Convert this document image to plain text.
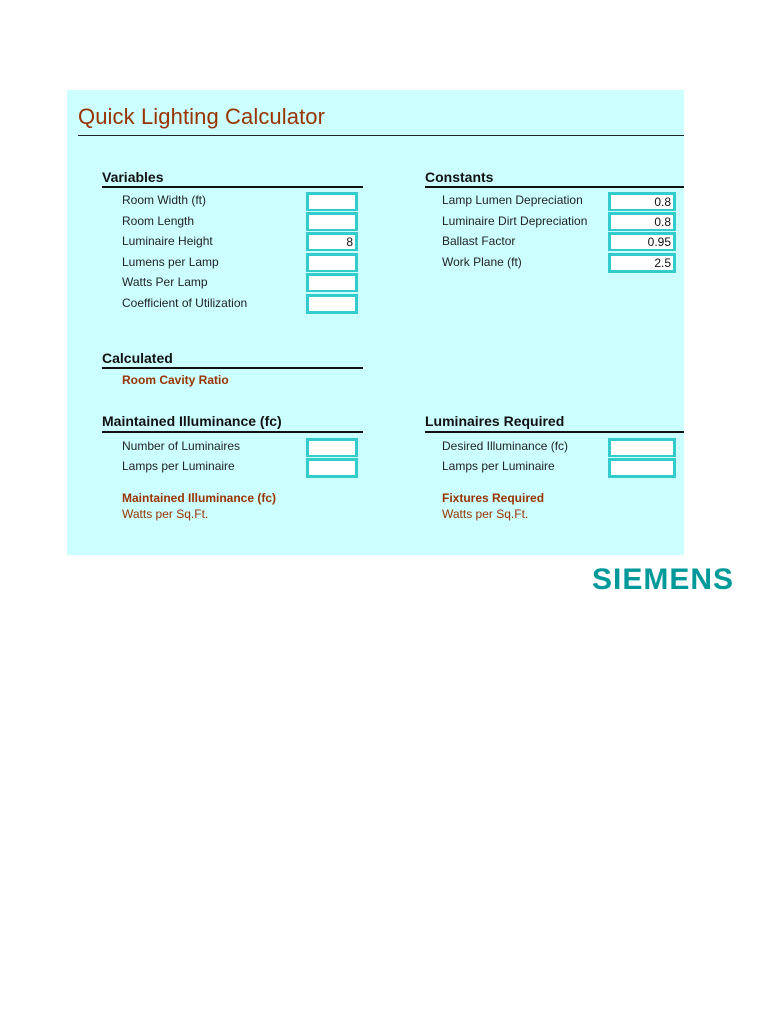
Quick Lighting Calculator
Variables
Room Width (ft)
Room Length
Luminaire Height	8
Lumens per Lamp
Watts Per Lamp
Coefficient of Utilization
Constants
Lamp Lumen Depreciation	0.8
Luminaire Dirt Depreciation	0.8
Ballast Factor	0.95
Work Plane (ft)	2.5
Calculated
Room Cavity Ratio
Maintained Illuminance (fc)
Number of Luminaires
Lamps per Luminaire
Maintained Illuminance (fc)
Watts per Sq.Ft.
Luminaires Required
Desired Illuminance (fc)
Lamps per Luminaire
Fixtures Required
Watts per Sq.Ft.
SIEMENS
